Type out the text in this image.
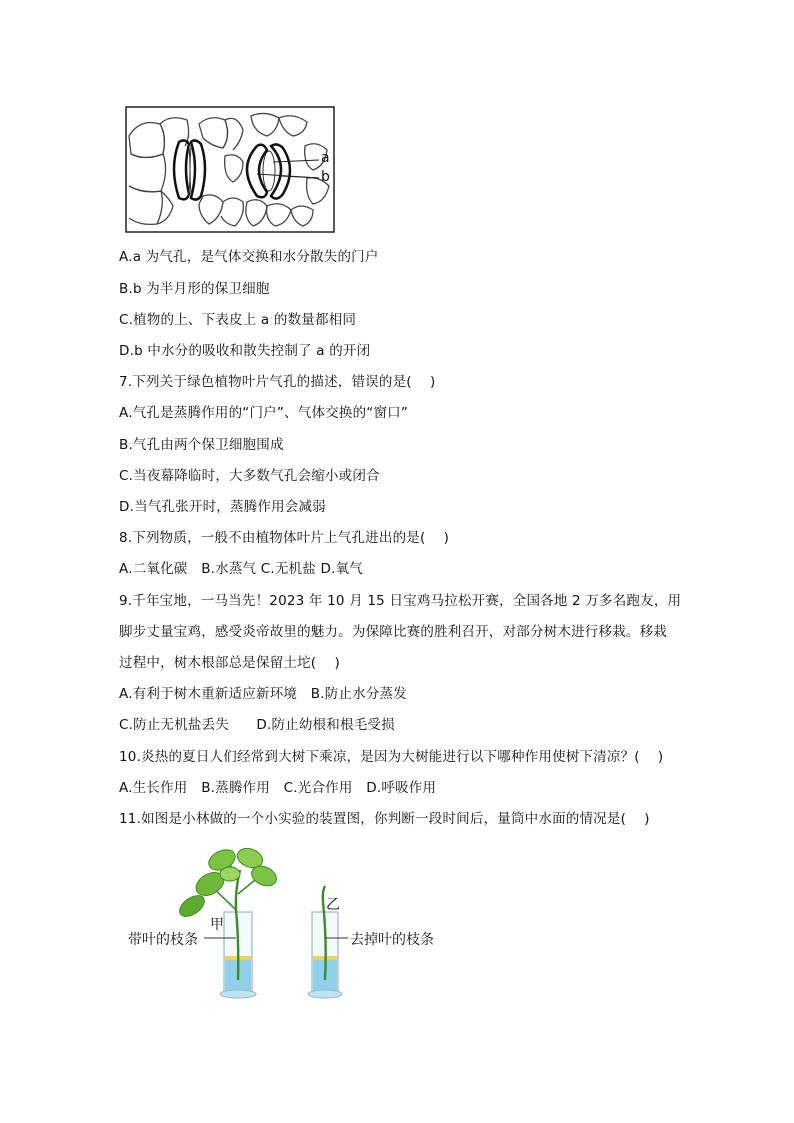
a
b
A.a 为气孔，是气体交换和水分散失的门户
B.b 为半月形的保卫细胞
C.植物的上、下表皮上 a 的数量都相同
D.b 中水分的吸收和散失控制了 a 的开闭
7.下列关于绿色植物叶片气孔的描述，错误的是(　 )
A.气孔是蒸腾作用的“门户”、气体交换的“窗口”
B.气孔由两个保卫细胞围成
C.当夜幕降临时，大多数气孔会缩小或闭合
D.当气孔张开时，蒸腾作用会减弱
8.下列物质，一般不由植物体叶片上气孔进出的是(　 )
A.二氧化碳　B.水蒸气 C.无机盐 D.氧气
9.千年宝地，一马当先！2023 年 10 月 15 日宝鸡马拉松开赛，全国各地 2 万多名跑友，用
脚步丈量宝鸡，感受炎帝故里的魅力。为保障比赛的胜利召开，对部分树木进行移栽。移栽
过程中，树木根部总是保留土坨(　 )
A.有利于树木重新适应新环境　B.防止水分蒸发
C.防止无机盐丢失　　D.防止幼根和根毛受损
10.炎热的夏日人们经常到大树下乘凉，是因为大树能进行以下哪种作用使树下清凉？(　 )
A.生长作用　B.蒸腾作用　C.光合作用　D.呼吸作用
11.如图是小林做的一个小实验的装置图，你判断一段时间后，量筒中水面的情况是(　 )
甲
乙
带叶的枝条	去掉叶的枝条
